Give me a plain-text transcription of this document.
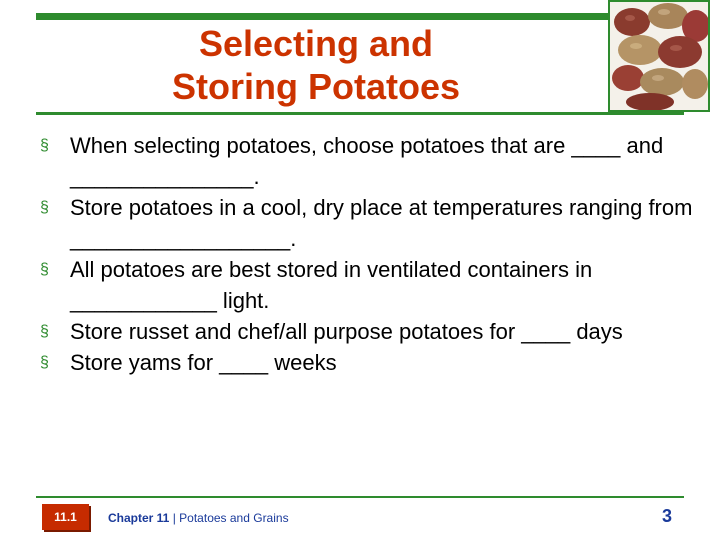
Selecting and
Storing Potatoes
§ When selecting potatoes, choose potatoes that are ____ and _______________.
§ Store potatoes in a cool, dry place at temperatures ranging from __________________.
§ All potatoes are best stored in ventilated containers in ____________ light.
§ Store russet and chef/all purpose potatoes for ____ days
§ Store yams for ____ weeks
11.1	Chapter 11 | Potatoes and Grains	3
